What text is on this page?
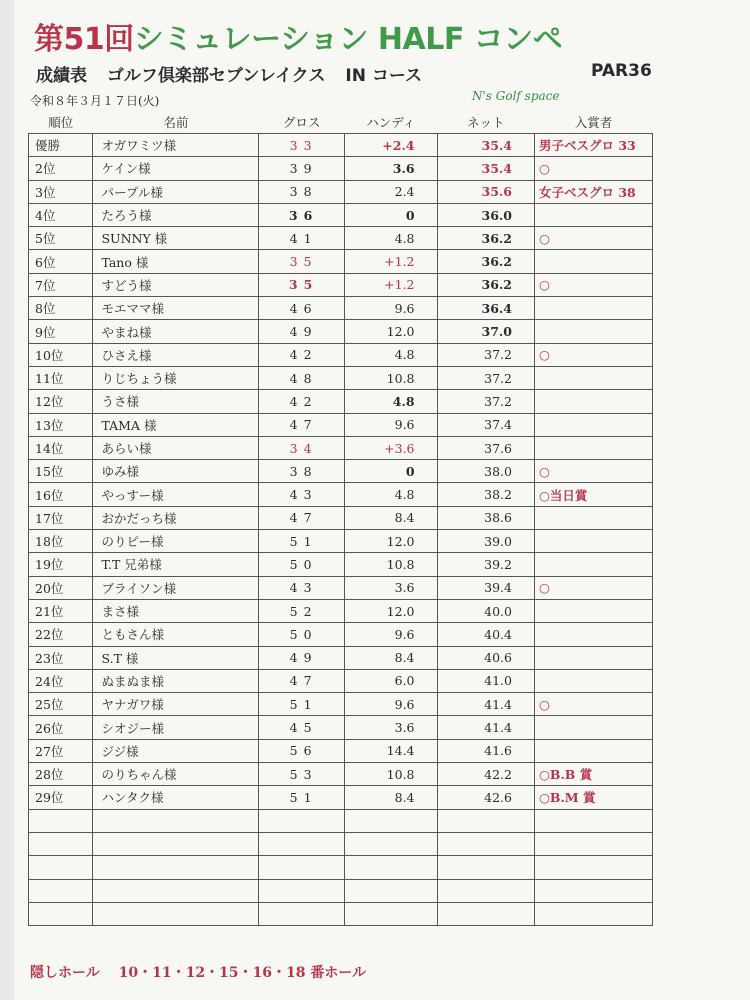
第51回シミュレーション HALF コンペ
成績表 ゴルフ倶楽部セブンレイクス IN コース	PAR36
令和８年３月１７日(火)	N's Golf space
順位	名前	グロス	ハンディ	ネット	入賞者
優勝	オガワミツ様	33	+2.4	35.4	男子ベスグロ 33
2位	ケイン様	39	3.6	35.4	○
3位	パープル様	38	2.4	35.6	女子ベスグロ 38
4位	たろう様	36	0	36.0	
5位	SUNNY 様	41	4.8	36.2	○
6位	Tano 様	35	+1.2	36.2	
7位	すどう様	35	+1.2	36.2	○
8位	モエママ様	46	9.6	36.4	
9位	やまね様	49	12.0	37.0	
10位	ひさえ様	42	4.8	37.2	○
11位	りじちょう様	48	10.8	37.2	
12位	うさ様	42	4.8	37.2	
13位	TAMA 様	47	9.6	37.4	
14位	あらい様	34	+3.6	37.6	
15位	ゆみ様	38	0	38.0	○
16位	やっすー様	43	4.8	38.2	○当日賞
17位	おかだっち様	47	8.4	38.6	
18位	のりピー様	51	12.0	39.0	
19位	T.T 兄弟様	50	10.8	39.2	
20位	ブライソン様	43	3.6	39.4	○
21位	まさ様	52	12.0	40.0	
22位	ともさん様	50	9.6	40.4	
23位	S.T 様	49	8.4	40.6	
24位	ぬまぬま様	47	6.0	41.0	
25位	ヤナガワ様	51	9.6	41.4	○
26位	シオジー様	45	3.6	41.4	
27位	ジジ様	56	14.4	41.6	
28位	のりちゃん様	53	10.8	42.2	○B.B 賞
29位	ハンタク様	51	8.4	42.6	○B.M 賞

隠しホール 10・11・12・15・16・18 番ホール
